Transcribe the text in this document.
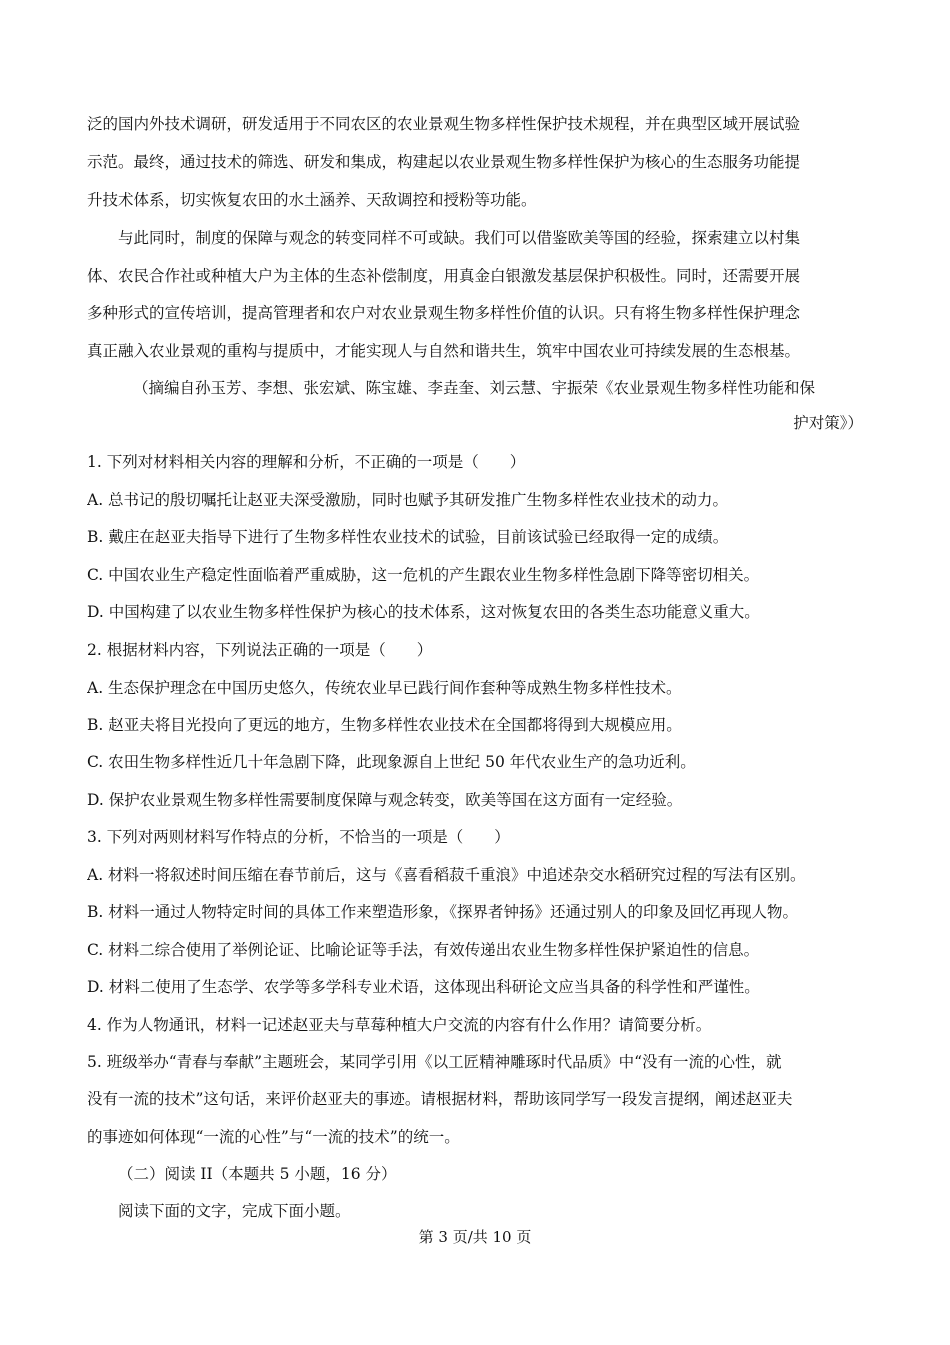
泛的国内外技术调研，研发适用于不同农区的农业景观生物多样性保护技术规程，并在典型区域开展试验
示范。最终，通过技术的筛选、研发和集成，构建起以农业景观生物多样性保护为核心的生态服务功能提
升技术体系，切实恢复农田的水土涵养、天敌调控和授粉等功能。
与此同时，制度的保障与观念的转变同样不可或缺。我们可以借鉴欧美等国的经验，探索建立以村集
体、农民合作社或种植大户为主体的生态补偿制度，用真金白银激发基层保护积极性。同时，还需要开展
多种形式的宣传培训，提高管理者和农户对农业景观生物多样性价值的认识。只有将生物多样性保护理念
真正融入农业景观的重构与提质中，才能实现人与自然和谐共生，筑牢中国农业可持续发展的生态根基。
（摘编自孙玉芳、李想、张宏斌、陈宝雄、李垚奎、刘云慧、宇振荣《农业景观生物多样性功能和保
护对策》）
1. 下列对材料相关内容的理解和分析，不正确的一项是（　　）
A. 总书记的殷切嘱托让赵亚夫深受激励，同时也赋予其研发推广生物多样性农业技术的动力。
B. 戴庄在赵亚夫指导下进行了生物多样性农业技术的试验，目前该试验已经取得一定的成绩。
C. 中国农业生产稳定性面临着严重威胁，这一危机的产生跟农业生物多样性急剧下降等密切相关。
D. 中国构建了以农业生物多样性保护为核心的技术体系，这对恢复农田的各类生态功能意义重大。
2. 根据材料内容，下列说法正确的一项是（　　）
A. 生态保护理念在中国历史悠久，传统农业早已践行间作套种等成熟生物多样性技术。
B. 赵亚夫将目光投向了更远的地方，生物多样性农业技术在全国都将得到大规模应用。
C. 农田生物多样性近几十年急剧下降，此现象源自上世纪 50 年代农业生产的急功近利。
D. 保护农业景观生物多样性需要制度保障与观念转变，欧美等国在这方面有一定经验。
3. 下列对两则材料写作特点的分析，不恰当的一项是（　　）
A. 材料一将叙述时间压缩在春节前后，这与《喜看稻菽千重浪》中追述杂交水稻研究过程的写法有区别。
B. 材料一通过人物特定时间的具体工作来塑造形象，《探界者钟扬》还通过别人的印象及回忆再现人物。
C. 材料二综合使用了举例论证、比喻论证等手法，有效传递出农业生物多样性保护紧迫性的信息。
D. 材料二使用了生态学、农学等多学科专业术语，这体现出科研论文应当具备的科学性和严谨性。
4. 作为人物通讯，材料一记述赵亚夫与草莓种植大户交流的内容有什么作用？请简要分析。
5. 班级举办“青春与奉献”主题班会，某同学引用《以工匠精神雕琢时代品质》中“没有一流的心性，就
没有一流的技术”这句话，来评价赵亚夫的事迹。请根据材料，帮助该同学写一段发言提纲，阐述赵亚夫
的事迹如何体现“一流的心性”与“一流的技术”的统一。
（二）阅读 II（本题共 5 小题，16 分）
阅读下面的文字，完成下面小题。
第 3 页/共 10 页
